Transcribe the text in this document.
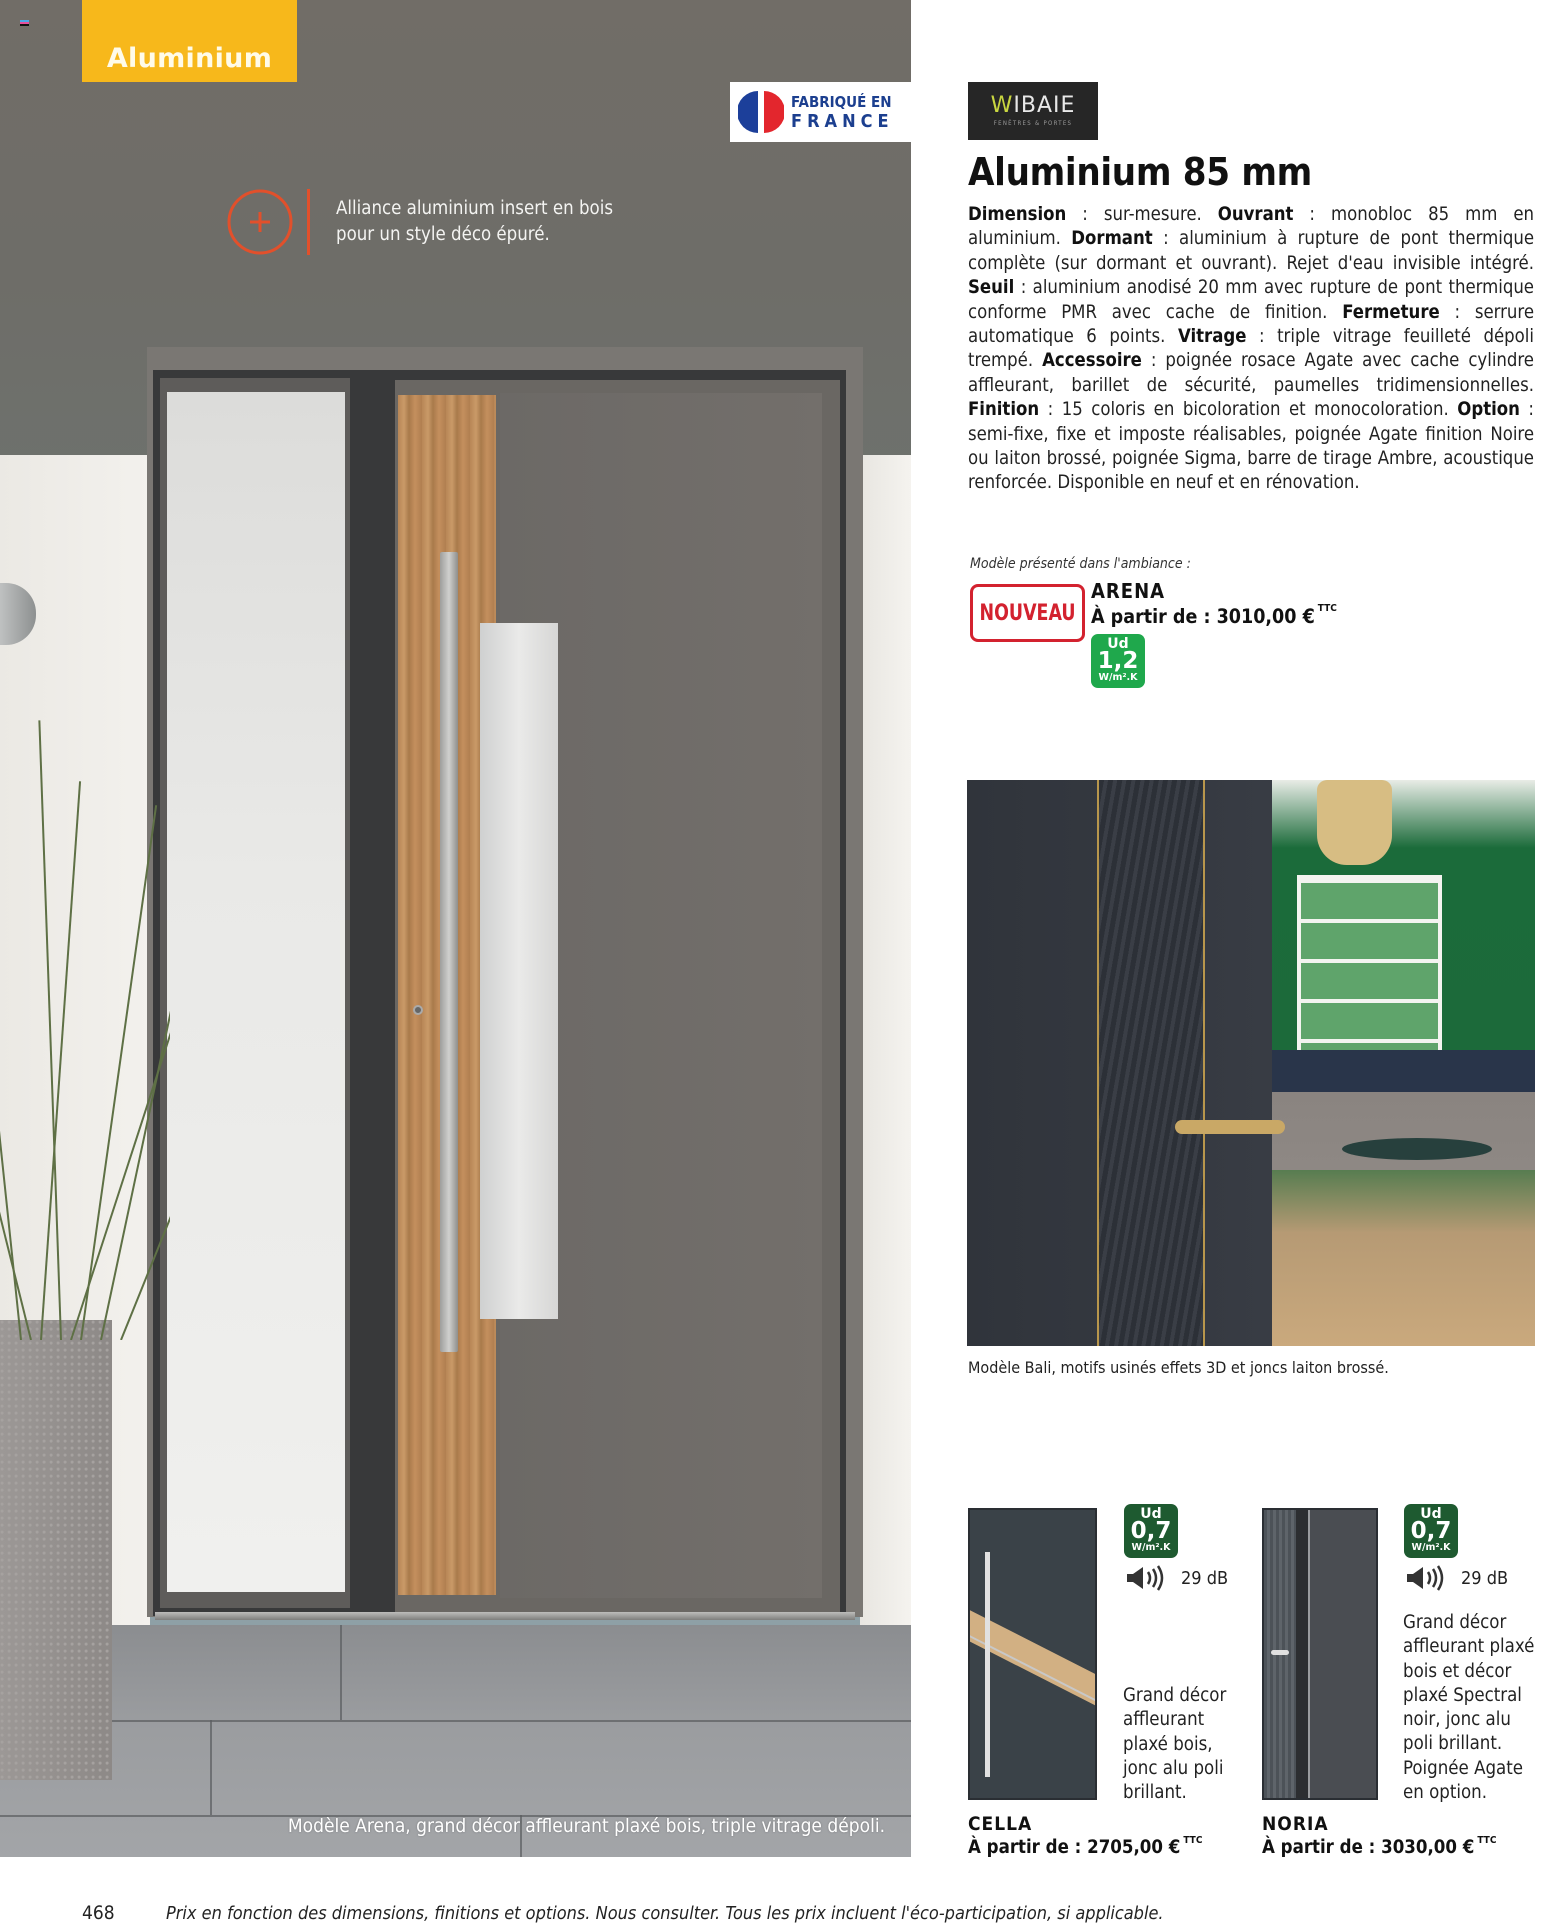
Aluminium
Alliance aluminium insert en bois
pour un style déco épuré.
FABRIQUÉ EN
FRANCE
Modèle Arena, grand décor affleurant plaxé bois, triple vitrage dépoli.
WIBAIE
FENÊTRES & PORTES
Aluminium 85 mm

Dimension : sur-mesure. Ouvrant : monobloc 85 mm en aluminium. Dormant : aluminium à rupture de pont thermique complète (sur dormant et ouvrant). Rejet d'eau invisible intégré. Seuil : aluminium anodisé 20 mm avec rupture de pont thermique conforme PMR avec cache de finition. Fermeture : serrure automatique 6 points. Vitrage : triple vitrage feuilleté dépoli trempé. Accessoire : poignée rosace Agate avec cache cylindre affleurant, barillet de sécurité, paumelles tridimensionnelles. Finition : 15 coloris en bicoloration et monocoloration. Option : semi-fixe, fixe et imposte réalisables, poignée Agate finition Noire ou laiton brossé, poignée Sigma, barre de tirage Ambre, acoustique renforcée. Disponible en neuf et en rénovation.

Modèle présenté dans l'ambiance :
NOUVEAU
ARENA
À partir de : 3010,00 € $^{TTC}$
Ud
1,2
W/m².K
Modèle Bali, motifs usinés effets 3D et joncs laiton brossé.
Ud
0,7
W/m².K
29 dB
Grand décor
affleurant
plaxé bois,
jonc alu poli
brillant.
CELLA
À partir de : 2705,00 € $^{TTC}$
Ud
0,7
W/m².K
29 dB
Grand décor
affleurant plaxé
bois et décor
plaxé Spectral
noir, jonc alu
poli brillant.
Poignée Agate
en option.
NORIA
À partir de : 3030,00 € $^{TTC}$
468	Prix en fonction des dimensions, finitions et options. Nous consulter. Tous les prix incluent l'éco-participation, si applicable.
